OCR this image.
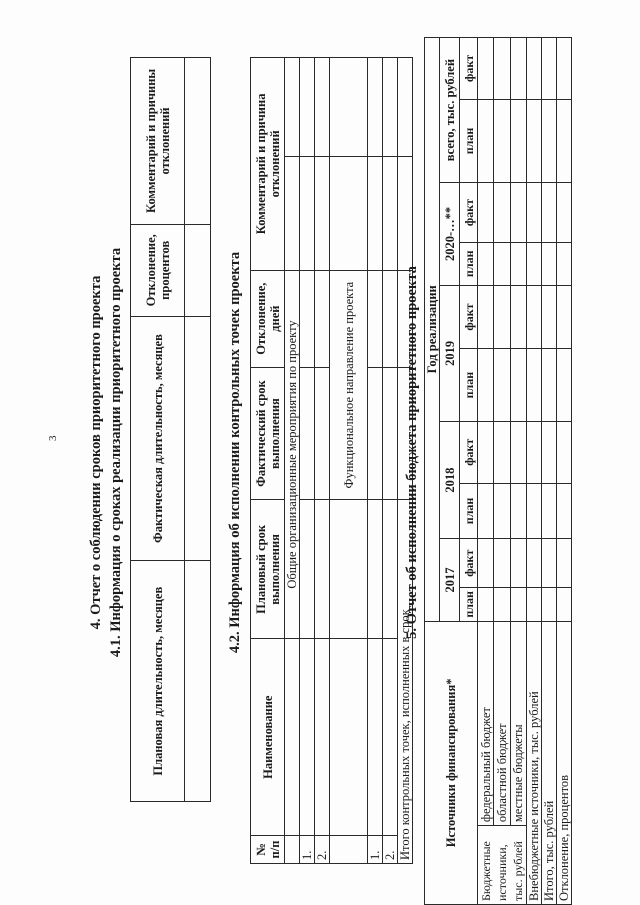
3 4. Отчет о соблюдении сроков приоритетного проекта 4.1. Информация о сроках реализации приоритетного проекта
Плановая длительность, месяцев	Фактическая длительность, месяцев	Отклонение, процентов	Комментарий и причины отклонений

4.2. Информация об исполнении контрольных точек проекта
№ п/п	Наименование	Плановый срок выполнения	Фактический срок выполнения	Отклонение, дней	Комментарий и причина отклонений	
		Общие организационные мероприятия по проекту				
1.						
2.						
			Функциональное направление проекта			
1.						
2.						
Итого контрольных точек, исполненных в срок						
5. Отчет об исполнении бюджета приоритетного проекта
Источники финансирования*		Год реализации									
		2017		2018		2019		2020-…**		всего, тыс. рублей	
		план	факт	план	факт	план	факт	план	факт	план	факт
Бюджетные источники, тыс. рублей	федеральный бюджет										
	областной бюджет										
	местные бюджеты										
Внебюджетные источники, тыс. рублей											
Итого, тыс. рублей											
Отклонение, процентов											
